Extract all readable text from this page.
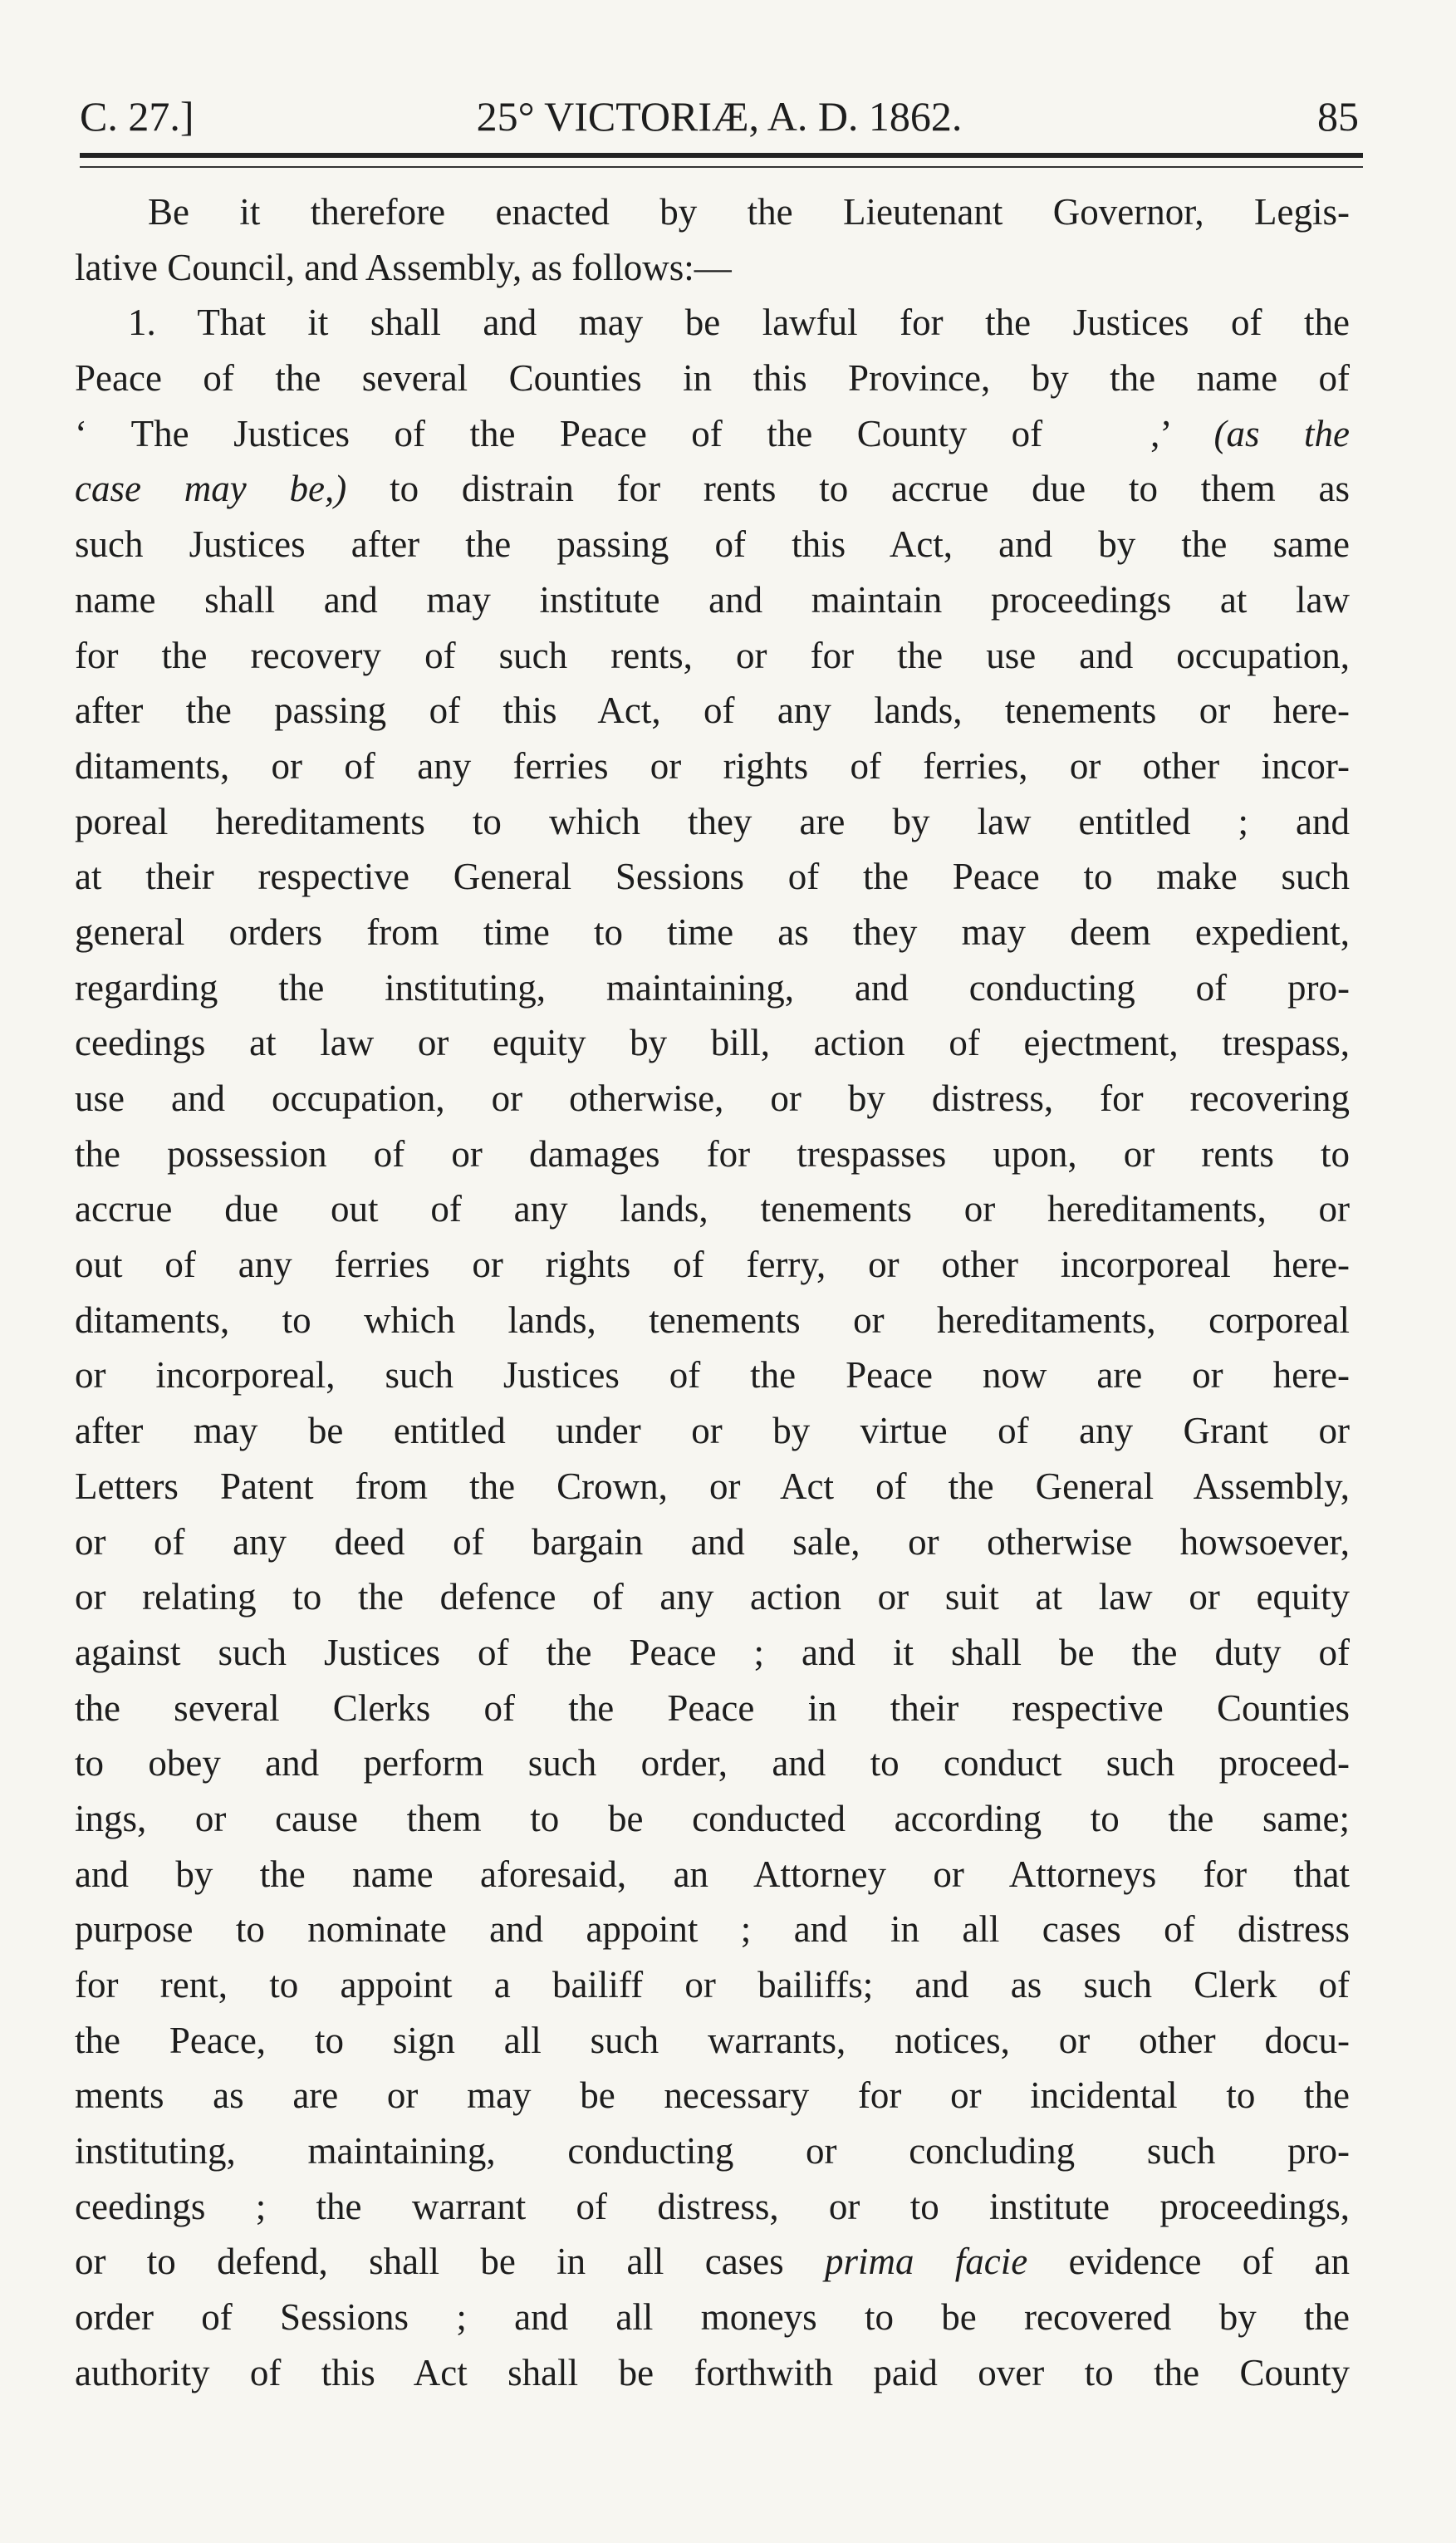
C. 27.]	25° VICTORIÆ, A. D. 1862.	85
Be it therefore enacted by the Lieutenant Governor, Legis-
lative Council, and Assembly, as follows:—
1. That it shall and may be lawful for the Justices of the
Peace of the several Counties in this Province, by the name of
‘ The Justices of the Peace of the County of	,’ (as the
case may be,) to distrain for rents to accrue due to them as
such Justices after the passing of this Act, and by the same
name shall and may institute and maintain proceedings at law
for the recovery of such rents, or for the use and occupation,
after the passing of this Act, of any lands, tenements or here-
ditaments, or of any ferries or rights of ferries, or other incor-
poreal hereditaments to which they are by law entitled ; and
at their respective General Sessions of the Peace to make such
general orders from time to time as they may deem expedient,
regarding the instituting, maintaining, and conducting of pro-
ceedings at law or equity by bill, action of ejectment, trespass,
use and occupation, or otherwise, or by distress, for recovering
the possession of or damages for trespasses upon, or rents to
accrue due out of any lands, tenements or hereditaments, or
out of any ferries or rights of ferry, or other incorporeal here-
ditaments, to which lands, tenements or hereditaments, corporeal
or incorporeal, such Justices of the Peace now are or here-
after may be entitled under or by virtue of any Grant or
Letters Patent from the Crown, or Act of the General Assembly,
or of any deed of bargain and sale, or otherwise howsoever,
or relating to the defence of any action or suit at law or equity
against such Justices of the Peace ; and it shall be the duty of
the several Clerks of the Peace in their respective Counties
to obey and perform such order, and to conduct such proceed-
ings, or cause them to be conducted according to the same;
and by the name aforesaid, an Attorney or Attorneys for that
purpose to nominate and appoint ; and in all cases of distress
for rent, to appoint a bailiff or bailiffs; and as such Clerk of
the Peace, to sign all such warrants, notices, or other docu-
ments as are or may be necessary for or incidental to the
instituting, maintaining, conducting or concluding such pro-
ceedings ; the warrant of distress, or to institute proceedings,
or to defend, shall be in all cases prima facie evidence of an
order of Sessions ; and all moneys to be recovered by the
authority of this Act shall be forthwith paid over to the County
